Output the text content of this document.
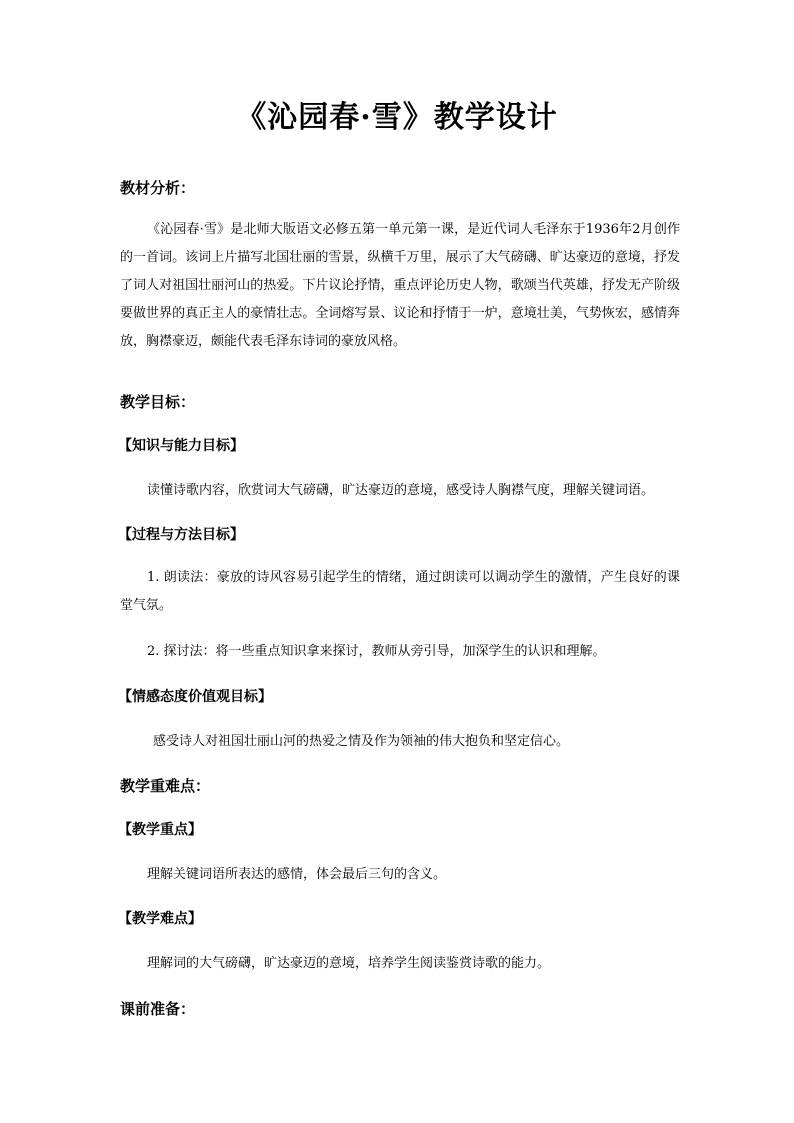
《沁园春·雪》教学设计
教材分析：
《沁园春·雪》是北师大版语文必修五第一单元第一课，是近代词人毛泽东于1936年2月创作的一首词。该词上片描写北国壮丽的雪景，纵横千万里，展示了大气磅礴、旷达豪迈的意境，抒发了词人对祖国壮丽河山的热爱。下片议论抒情，重点评论历史人物，歌颂当代英雄，抒发无产阶级要做世界的真正主人的豪情壮志。全词熔写景、议论和抒情于一炉，意境壮美，气势恢宏，感情奔放，胸襟豪迈，颇能代表毛泽东诗词的豪放风格。
教学目标：
【知识与能力目标】
读懂诗歌内容，欣赏词大气磅礴，旷达豪迈的意境，感受诗人胸襟气度，理解关键词语。
【过程与方法目标】
1. 朗读法：豪放的诗风容易引起学生的情绪，通过朗读可以调动学生的激情，产生良好的课堂气氛。
2. 探讨法：将一些重点知识拿来探讨，教师从旁引导，加深学生的认识和理解。
【情感态度价值观目标】
感受诗人对祖国壮丽山河的热爱之情及作为领袖的伟大抱负和坚定信心。
教学重难点：
【教学重点】
理解关键词语所表达的感情，体会最后三句的含义。
【教学难点】
理解词的大气磅礴，旷达豪迈的意境，培养学生阅读鉴赏诗歌的能力。
课前准备：
